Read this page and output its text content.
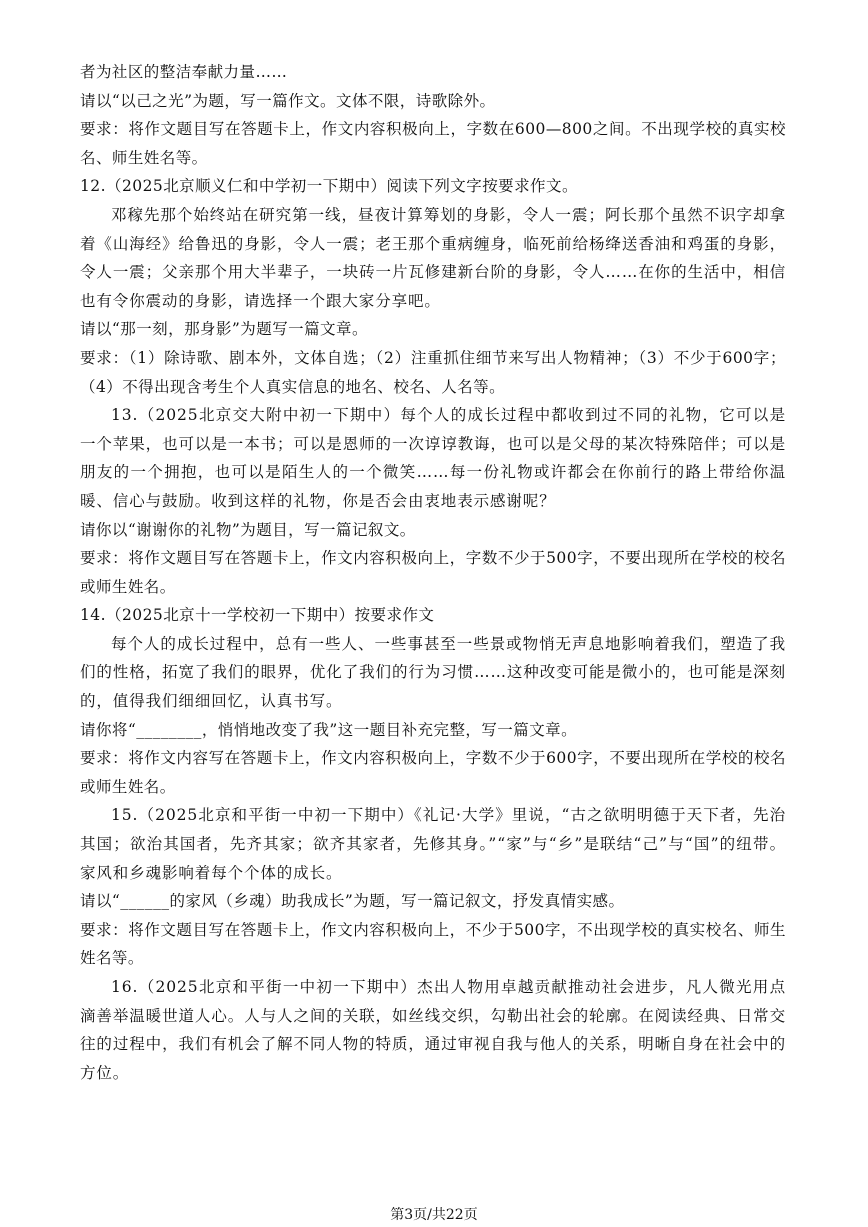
者为社区的整洁奉献力量……

请以“以己之光”为题，写一篇作文。文体不限，诗歌除外。

要求：将作文题目写在答题卡上，作文内容积极向上，字数在600—800之间。不出现学校的真实校名、师生姓名等。

12.（2025北京顺义仁和中学初一下期中）阅读下列文字按要求作文。

邓稼先那个始终站在研究第一线，昼夜计算筹划的身影，令人一震；阿长那个虽然不识字却拿着《山海经》给鲁迅的身影，令人一震；老王那个重病缠身，临死前给杨绛送香油和鸡蛋的身影，令人一震；父亲那个用大半辈子，一块砖一片瓦修建新台阶的身影，令人……在你的生活中，相信也有令你震动的身影，请选择一个跟大家分享吧。

请以“那一刻，那身影”为题写一篇文章。

要求：（1）除诗歌、剧本外，文体自选；（2）注重抓住细节来写出人物精神；（3）不少于600字；（4）不得出现含考生个人真实信息的地名、校名、人名等。

13.（2025北京交大附中初一下期中）每个人的成长过程中都收到过不同的礼物，它可以是一个苹果，也可以是一本书；可以是恩师的一次谆谆教诲，也可以是父母的某次特殊陪伴；可以是朋友的一个拥抱，也可以是陌生人的一个微笑……每一份礼物或许都会在你前行的路上带给你温暖、信心与鼓励。收到这样的礼物，你是否会由衷地表示感谢呢？

请你以“谢谢你的礼物”为题目，写一篇记叙文。

要求：将作文题目写在答题卡上，作文内容积极向上，字数不少于500字，不要出现所在学校的校名或师生姓名。

14.（2025北京十一学校初一下期中）按要求作文

每个人的成长过程中，总有一些人、一些事甚至一些景或物悄无声息地影响着我们，塑造了我们的性格，拓宽了我们的眼界，优化了我们的行为习惯……这种改变可能是微小的，也可能是深刻的，值得我们细细回忆，认真书写。

请你将“________，悄悄地改变了我”这一题目补充完整，写一篇文章。

要求：将作文内容写在答题卡上，作文内容积极向上，字数不少于600字，不要出现所在学校的校名或师生姓名。

15.（2025北京和平街一中初一下期中）《礼记·大学》里说，“古之欲明明德于天下者，先治其国；欲治其国者，先齐其家；欲齐其家者，先修其身。”“家”与“乡”是联结“己”与“国”的纽带。家风和乡魂影响着每个个体的成长。

请以“______的家风（乡魂）助我成长”为题，写一篇记叙文，抒发真情实感。

要求：将作文题目写在答题卡上，作文内容积极向上，不少于500字，不出现学校的真实校名、师生姓名等。

16.（2025北京和平街一中初一下期中）杰出人物用卓越贡献推动社会进步，凡人微光用点滴善举温暖世道人心。人与人之间的关联，如丝线交织，勾勒出社会的轮廓。在阅读经典、日常交往的过程中，我们有机会了解不同人物的特质，通过审视自我与他人的关系，明晰自身在社会中的方位。

第3页/共22页
